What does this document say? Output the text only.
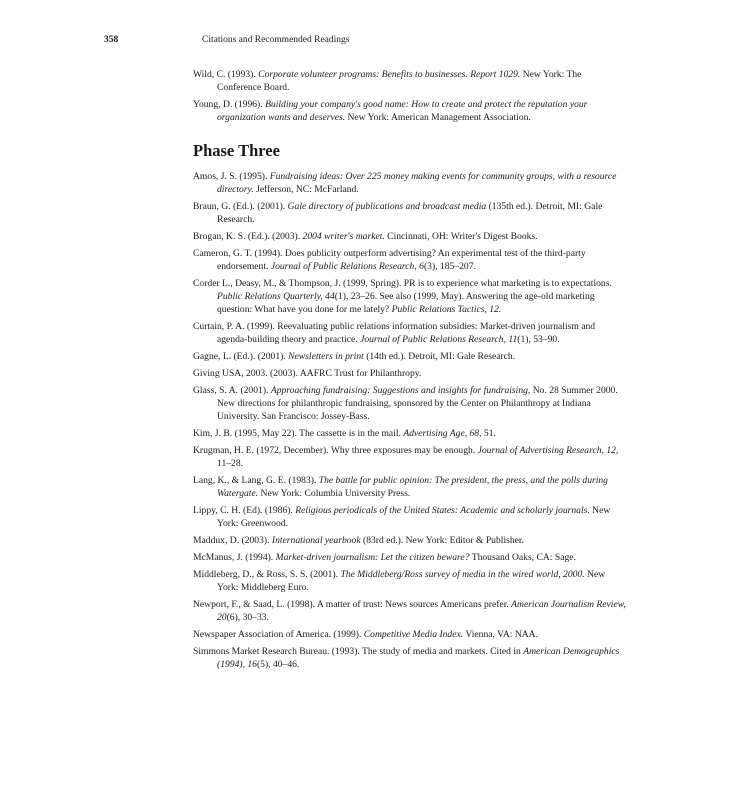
358	Citations and Recommended Readings

Wild, C. (1993). Corporate volunteer programs: Benefits to businesses. Report 1029. New York: The Conference Board.

Young, D. (1996). Building your company's good name: How to create and protect the reputation your organization wants and deserves. New York: American Management Association.

Phase Three

Amos, J. S. (1995). Fundraising ideas: Over 225 money making events for community groups, with a resource directory. Jefferson, NC: McFarland.

Braun, G. (Ed.). (2001). Gale directory of publications and broadcast media (135th ed.). Detroit, MI: Gale Research.

Brogan, K. S. (Ed.). (2003). 2004 writer's market. Cincinnati, OH: Writer's Digest Books.

Cameron, G. T. (1994). Does publicity outperform advertising? An experimental test of the third-party endorsement. Journal of Public Relations Research, 6(3), 185–207.

Corder L., Deasy, M., & Thompson, J. (1999, Spring). PR is to experience what marketing is to expectations. Public Relations Quarterly, 44(1), 23–26. See also (1999, May). Answering the age-old marketing question: What have you done for me lately? Public Relations Tactics, 12.

Curtain, P. A. (1999). Reevaluating public relations information subsidies: Market-driven journalism and agenda-building theory and practice. Journal of Public Relations Research, 11(1), 53–90.

Gagne, L. (Ed.). (2001). Newsletters in print (14th ed.). Detroit, MI: Gale Research.

Giving USA, 2003. (2003). AAFRC Trust for Philanthropy.

Glass, S. A. (2001). Approaching fundraising: Suggestions and insights for fundraising, No. 28 Summer 2000. New directions for philanthropic fundraising, sponsored by the Center on Philanthropy at Indiana University. San Francisco: Jossey-Bass.

Kim, J. B. (1995, May 22). The cassette is in the mail. Advertising Age, 68, 51.

Krugman, H. E. (1972, December). Why three exposures may be enough. Journal of Advertising Research, 12, 11–28.

Lang, K., & Lang, G. E. (1983). The battle for public opinion: The president, the press, and the polls during Watergate. New York: Columbia University Press.

Lippy, C. H. (Ed). (1986). Religious periodicals of the United States: Academic and scholarly journals. New York: Greenwood.

Maddux, D. (2003). International yearbook (83rd ed.). New York: Editor & Publisher.

McManus, J. (1994). Market-driven journalism: Let the citizen beware? Thousand Oaks, CA: Sage.

Middleberg, D., & Ross, S. S. (2001). The Middleberg/Ross survey of media in the wired world, 2000. New York: Middleberg Euro.

Newport, F., & Saad, L. (1998). A matter of trust: News sources Americans prefer. American Journalism Review, 20(6), 30–33.

Newspaper Association of America. (1999). Competitive Media Index. Vienna, VA: NAA.

Simmons Market Research Bureau. (1993). The study of media and markets. Cited in American Demographics (1994), 16(5), 40–46.
